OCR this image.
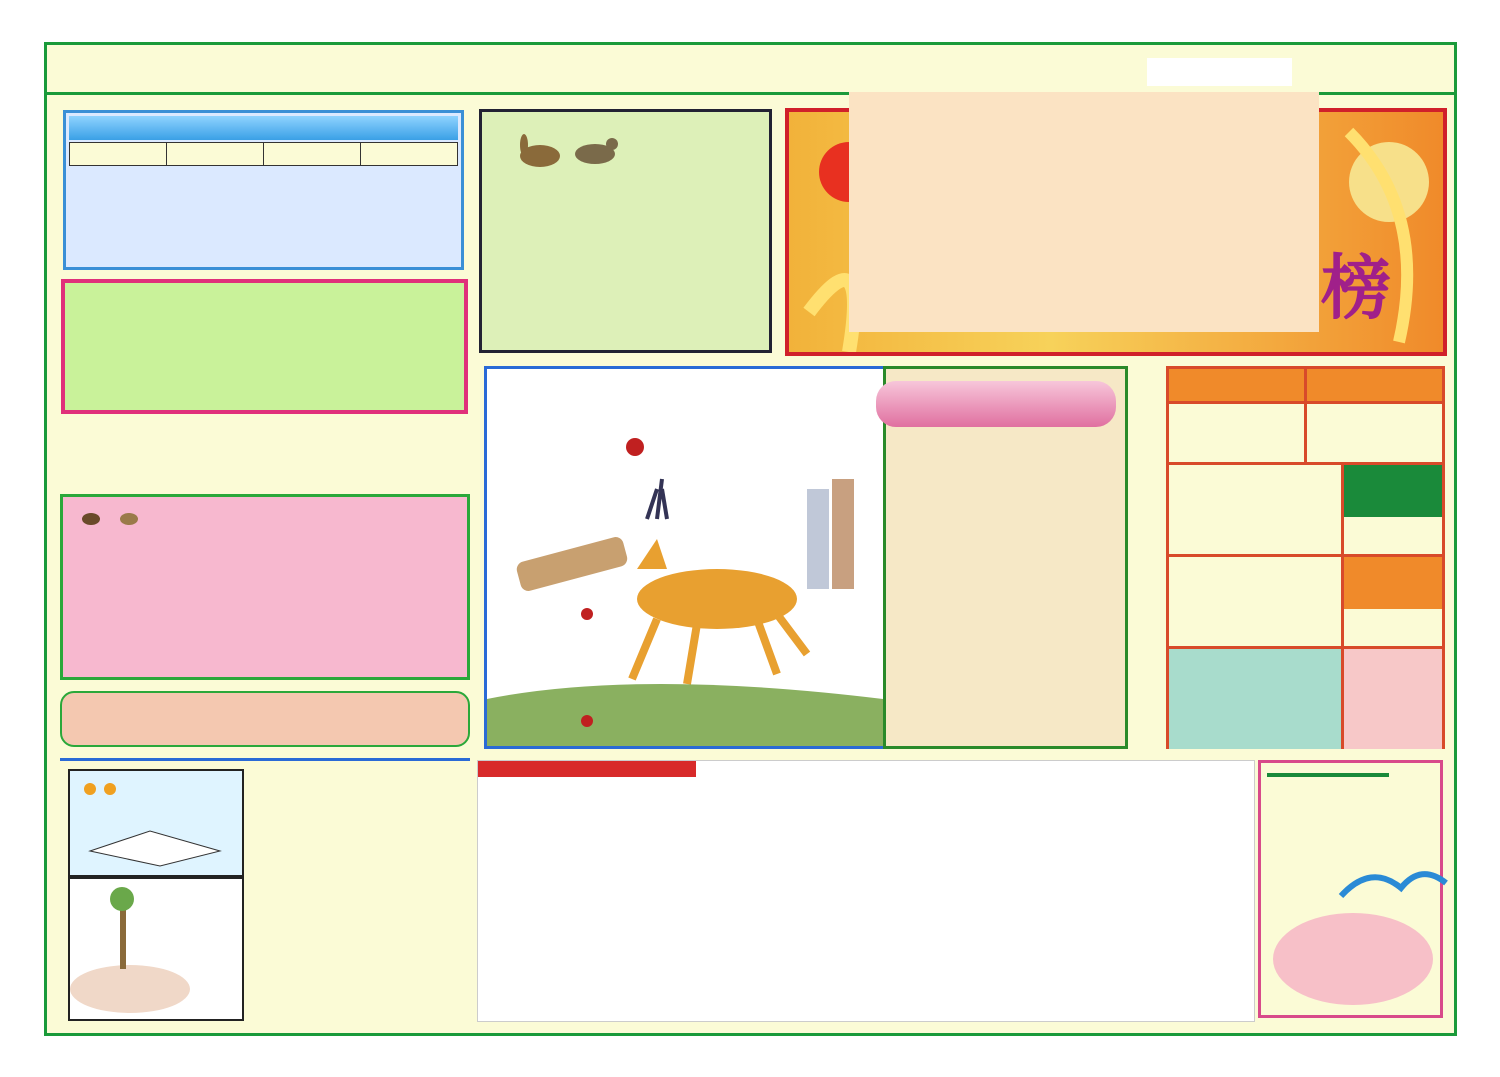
榜
